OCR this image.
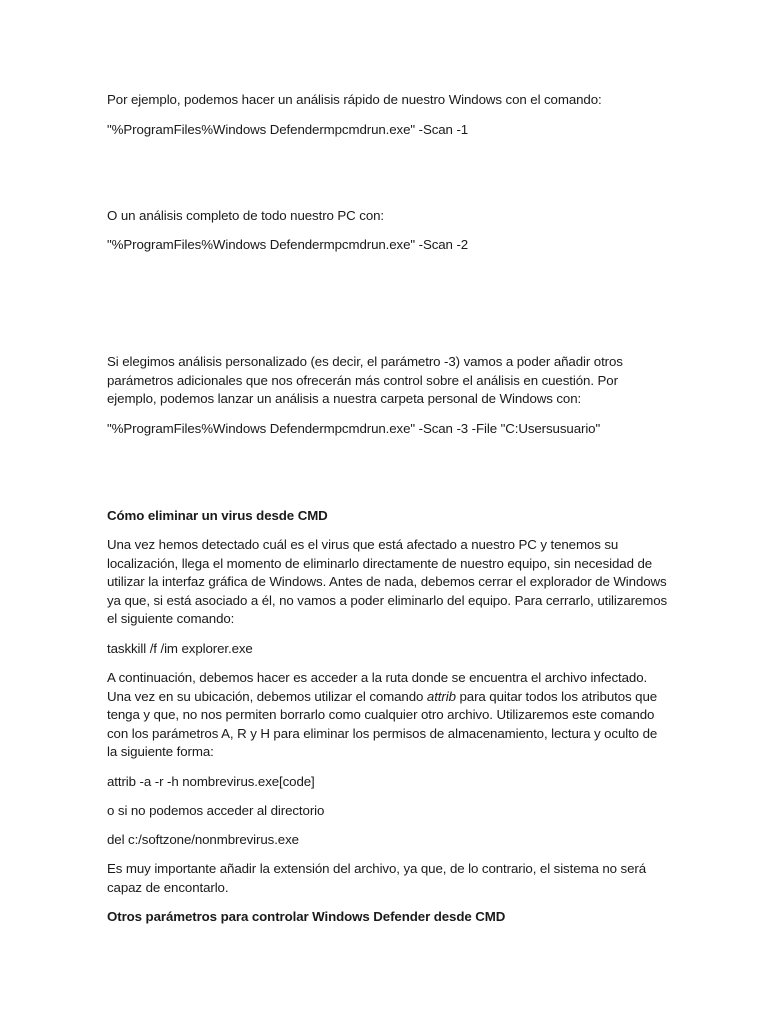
Por ejemplo, podemos hacer un análisis rápido de nuestro Windows con el comando:

"%ProgramFiles%Windows Defendermpcmdrun.exe" -Scan -1

O un análisis completo de todo nuestro PC con:

"%ProgramFiles%Windows Defendermpcmdrun.exe" -Scan -2

Si elegimos análisis personalizado (es decir, el parámetro -3) vamos a poder añadir otros parámetros adicionales que nos ofrecerán más control sobre el análisis en cuestión. Por ejemplo, podemos lanzar un análisis a nuestra carpeta personal de Windows con:

"%ProgramFiles%Windows Defendermpcmdrun.exe" -Scan -3 -File "C:Usersusuario"

Cómo eliminar un virus desde CMD

Una vez hemos detectado cuál es el virus que está afectado a nuestro PC y tenemos su localización, llega el momento de eliminarlo directamente de nuestro equipo, sin necesidad de utilizar la interfaz gráfica de Windows. Antes de nada, debemos cerrar el explorador de Windows ya que, si está asociado a él, no vamos a poder eliminarlo del equipo. Para cerrarlo, utilizaremos el siguiente comando:

taskkill /f /im explorer.exe

A continuación, debemos hacer es acceder a la ruta donde se encuentra el archivo infectado. Una vez en su ubicación, debemos utilizar el comando attrib para quitar todos los atributos que tenga y que, no nos permiten borrarlo como cualquier otro archivo. Utilizaremos este comando con los parámetros A, R y H para eliminar los permisos de almacenamiento, lectura y oculto de la siguiente forma:

attrib -a -r -h nombrevirus.exe[code]

o si no podemos acceder al directorio

del c:/softzone/nonmbrevirus.exe

Es muy importante añadir la extensión del archivo, ya que, de lo contrario, el sistema no será capaz de encontarlo.

Otros parámetros para controlar Windows Defender desde CMD
